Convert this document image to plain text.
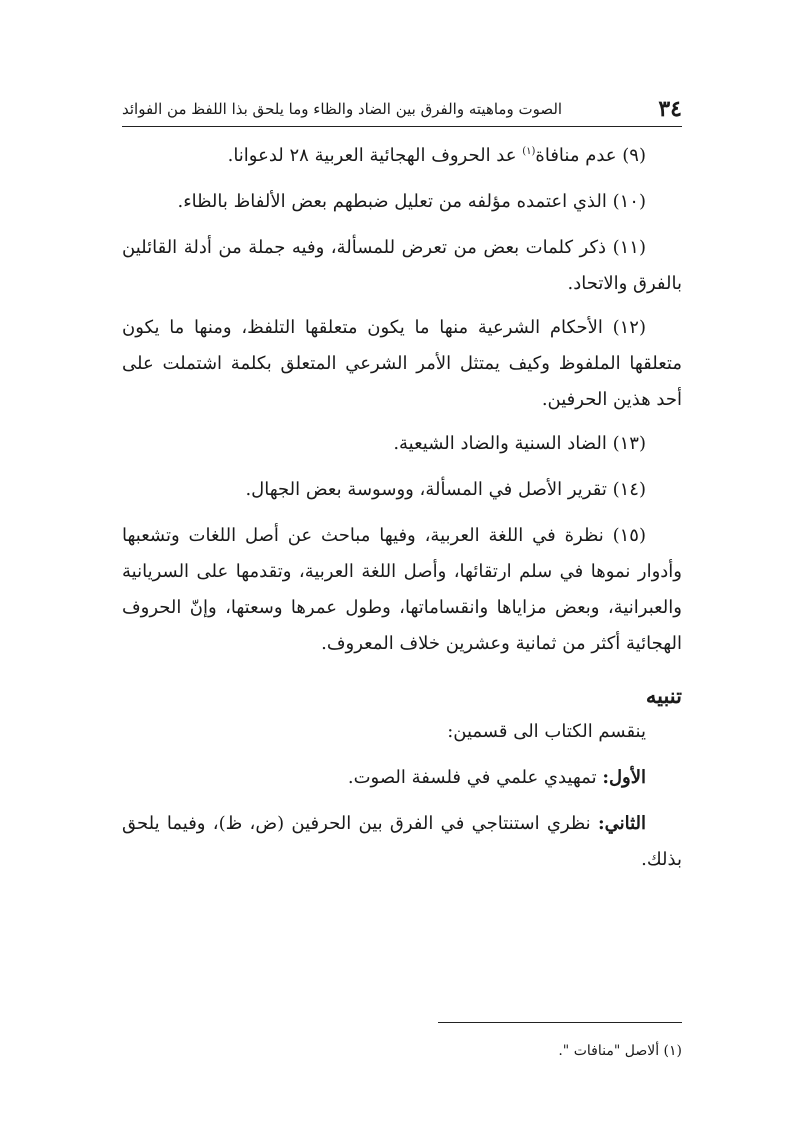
٣٤
الصوت وماهيته والفرق بين الضاد والظاء وما يلحق بذا اللفظ من الفوائد

(٩) عدم منافاة$^{(١)}$ عد الحروف الهجائية العربية ٢٨ لدعوانا.

(١٠) الذي اعتمده مؤلفه من تعليل ضبطهم بعض الألفاظ بالظاء.

(١١) ذكر كلمات بعض من تعرض للمسألة، وفيه جملة من أدلة القائلين بالفرق والاتحاد.

(١٢) الأحكام الشرعية منها ما يكون متعلقها التلفظ، ومنها ما يكون متعلقها الملفوظ وكيف يمتثل الأمر الشرعي المتعلق بكلمة اشتملت على أحد هذين الحرفين.

(١٣) الضاد السنية والضاد الشيعية.

(١٤) تقرير الأصل في المسألة، ووسوسة بعض الجهال.

(١٥) نظرة في اللغة العربية، وفيها مباحث عن أصل اللغات وتشعبها وأدوار نموها في سلم ارتقائها، وأصل اللغة العربية، وتقدمها على السريانية والعبرانية، وبعض مزاياها وانقساماتها، وطول عمرها وسعتها، وإنّ الحروف الهجائية أكثر من ثمانية وعشرين خلاف المعروف.

تنبيه

ينقسم الكتاب الى قسمين:

الأول: تمهيدي علمي في فلسفة الصوت.

الثاني: نظري استنتاجي في الفرق بين الحرفين (ض، ظ)، وفيما يلحق بذلك.

(١) ألاصل "منافات ".
